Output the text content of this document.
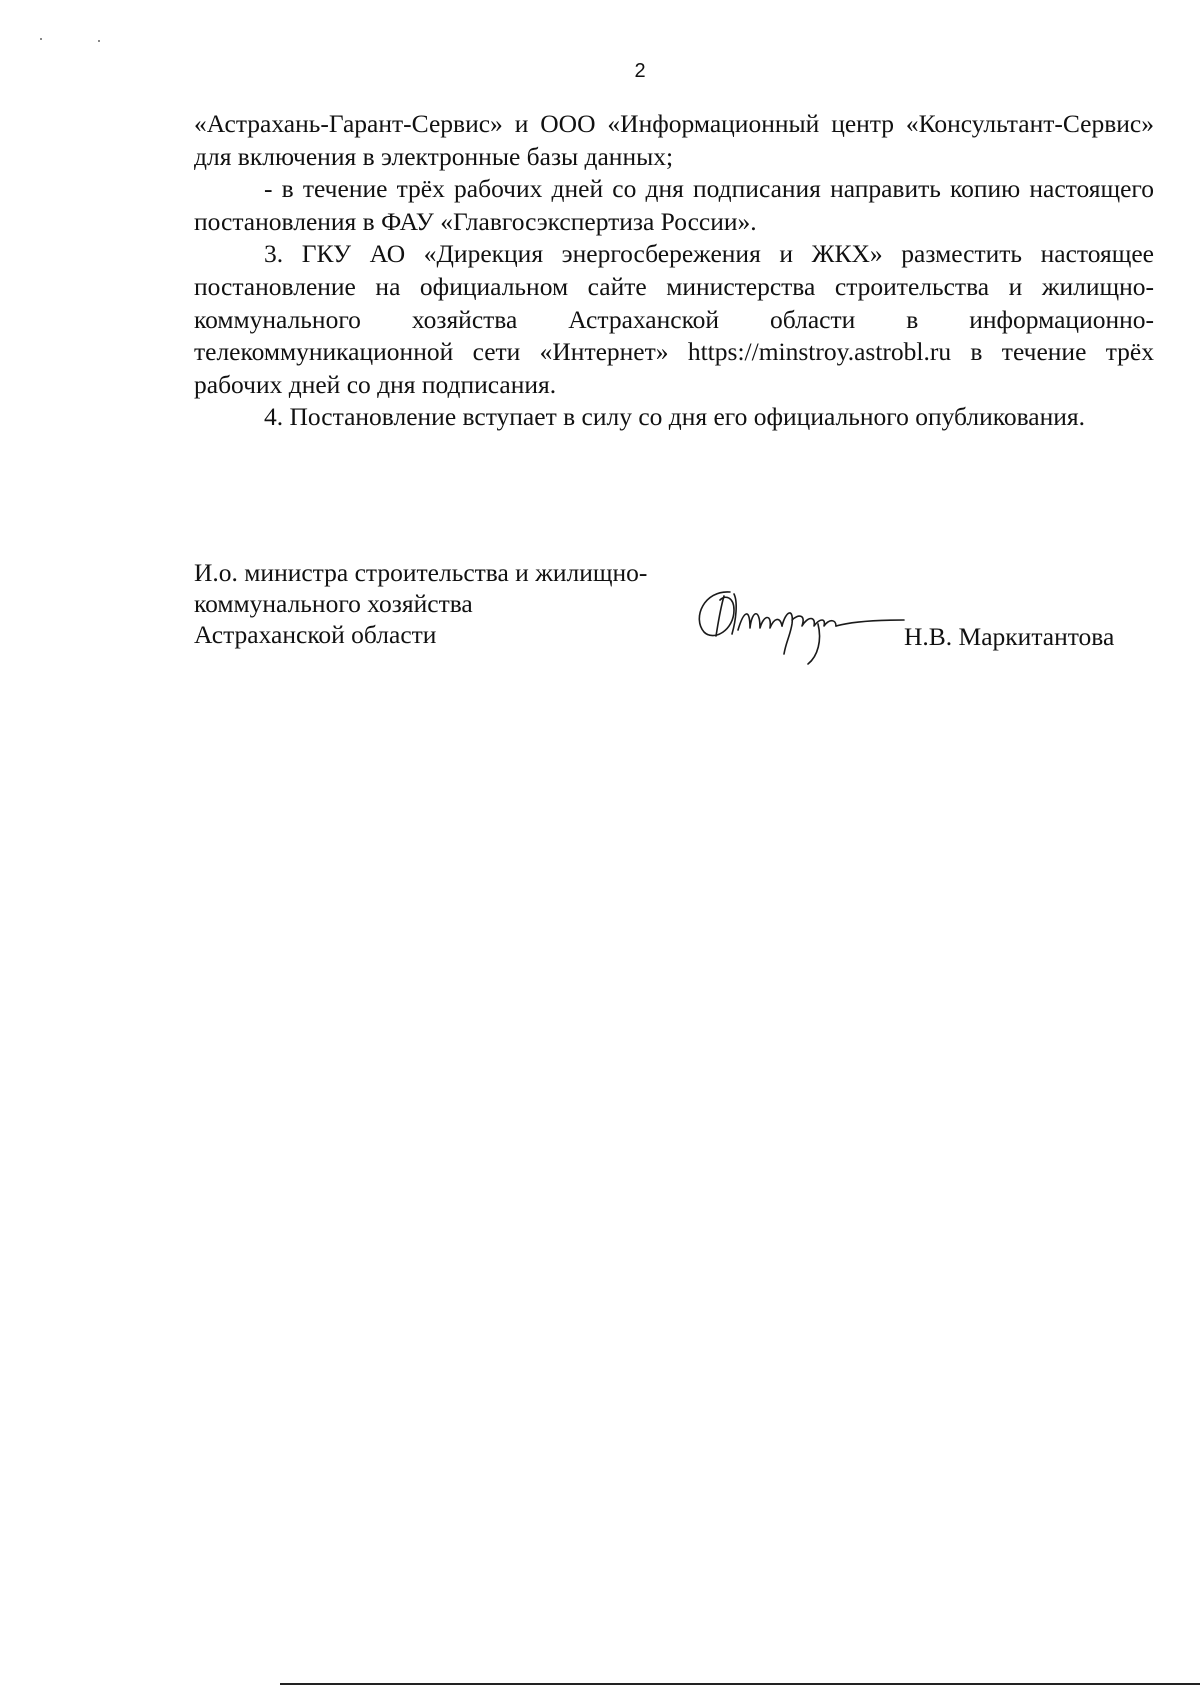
2

«Астрахань-Гарант-Сервис» и ООО «Информационный центр «Консультант-Сервис» для включения в электронные базы данных;

- в течение трёх рабочих дней со дня подписания направить копию настоящего постановления в ФАУ «Главгосэкспертиза России».

3. ГКУ АО «Дирекция энергосбережения и ЖКХ» разместить настоящее постановление на официальном сайте министерства строительства и жилищно-коммунального хозяйства Астраханской области в информационно-телекоммуникационной сети «Интернет» https://minstroy.astrobl.ru в течение трёх рабочих дней со дня подписания.

4. Постановление вступает в силу со дня его официального опубликования.

И.о. министра строительства и жилищно-
коммунального хозяйства
Астраханской области	Н.В. Маркитантова
